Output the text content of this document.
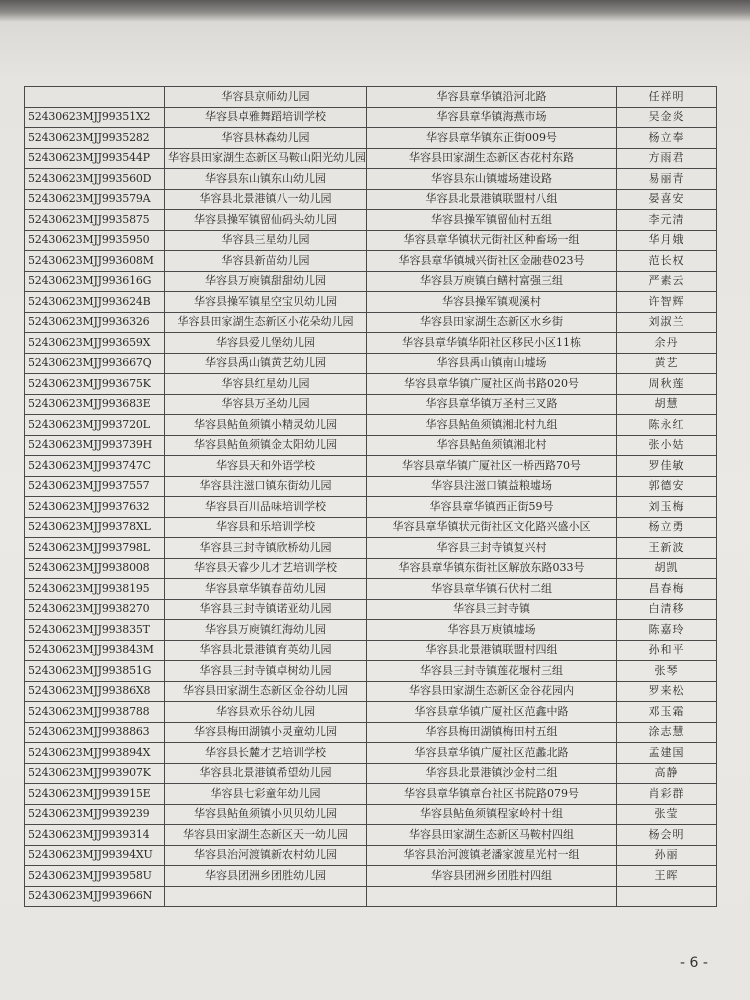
	华容县京师幼儿园	华容县章华镇沿河北路	任祥明
52430623MJJ99351X2	华容县卓雅舞蹈培训学校	华容县章华镇海燕市场	吴金炎
52430623MJJ9935282	华容县林森幼儿园	华容县章华镇东正街009号	杨立奉
52430623MJJ993544P	华容县田家湖生态新区马鞍山阳光幼儿园	华容县田家湖生态新区杏花村东路	方雨君
52430623MJJ993560D	华容县东山镇东山幼儿园	华容县东山镇墟场建设路	易丽青
52430623MJJ993579A	华容县北景港镇八一幼儿园	华容县北景港镇联盟村八组	晏喜安
52430623MJJ9935875	华容县操军镇留仙码头幼儿园	华容县操军镇留仙村五组	李元清
52430623MJJ9935950	华容县三星幼儿园	华容县章华镇状元街社区种畜场一组	华月娥
52430623MJJ993608M	华容县新苗幼儿园	华容县章华镇城兴街社区金融巷023号	范长权
52430623MJJ993616G	华容县万庾镇甜甜幼儿园	华容县万庾镇白鳝村富强三组	严素云
52430623MJJ993624B	华容县操军镇星空宝贝幼儿园	华容县操军镇观溪村	许智辉
52430623MJJ9936326	华容县田家湖生态新区小花朵幼儿园	华容县田家湖生态新区水乡街	刘淑兰
52430623MJJ993659X	华容县爱儿堡幼儿园	华容县章华镇华阳社区移民小区11栋	余丹
52430623MJJ993667Q	华容县禹山镇黄艺幼儿园	华容县禹山镇南山墟场	黄艺
52430623MJJ993675K	华容县红星幼儿园	华容县章华镇广厦社区尚书路020号	周秋莲
52430623MJJ993683E	华容县万圣幼儿园	华容县章华镇万圣村三叉路	胡慧
52430623MJJ993720L	华容县鲇鱼须镇小精灵幼儿园	华容县鲇鱼须镇湘北村九组	陈永红
52430623MJJ993739H	华容县鲇鱼须镇金太阳幼儿园	华容县鲇鱼须镇湘北村	张小姑
52430623MJJ993747C	华容县天和外语学校	华容县章华镇广厦社区一桥西路70号	罗佳敏
52430623MJJ9937557	华容县注滋口镇东街幼儿园	华容县注滋口镇益粮墟场	郭德安
52430623MJJ9937632	华容县百川品味培训学校	华容县章华镇西正街59号	刘玉梅
52430623MJJ99378XL	华容县和乐培训学校	华容县章华镇状元街社区文化路兴盛小区	杨立勇
52430623MJJ993798L	华容县三封寺镇欣桥幼儿园	华容县三封寺镇复兴村	王新波
52430623MJJ9938008	华容县天睿少儿才艺培训学校	华容县章华镇东街社区解放东路033号	胡凯
52430623MJJ9938195	华容县章华镇春苗幼儿园	华容县章华镇石伏村二组	昌春梅
52430623MJJ9938270	华容县三封寺镇诺亚幼儿园	华容县三封寺镇	白清移
52430623MJJ993835T	华容县万庾镇红海幼儿园	华容县万庾镇墟场	陈嘉玲
52430623MJJ993843M	华容县北景港镇育英幼儿园	华容县北景港镇联盟村四组	孙和平
52430623MJJ993851G	华容县三封寺镇卓树幼儿园	华容县三封寺镇莲花堰村三组	张琴
52430623MJJ99386X8	华容县田家湖生态新区金谷幼儿园	华容县田家湖生态新区金谷花园内	罗来松
52430623MJJ9938788	华容县欢乐谷幼儿园	华容县章华镇广厦社区范鑫中路	邓玉霜
52430623MJJ9938863	华容县梅田湖镇小灵童幼儿园	华容县梅田湖镇梅田村五组	涂志慧
52430623MJJ993894X	华容县长麓才艺培训学校	华容县章华镇广厦社区范蠡北路	孟建国
52430623MJJ993907K	华容县北景港镇希望幼儿园	华容县北景港镇沙金村二组	高静
52430623MJJ993915E	华容县七彩童年幼儿园	华容县章华镇章台社区书院路079号	肖彩群
52430623MJJ9939239	华容县鲇鱼须镇小贝贝幼儿园	华容县鲇鱼须镇程家岭村十组	张莹
52430623MJJ9939314	华容县田家湖生态新区天一幼儿园	华容县田家湖生态新区马鞍村四组	杨会明
52430623MJJ99394XU	华容县治河渡镇新农村幼儿园	华容县治河渡镇老潘家渡星光村一组	孙丽
52430623MJJ993958U	华容县团洲乡团胜幼儿园	华容县团洲乡团胜村四组	王晖
52430623MJJ993966N			
- 6 -
